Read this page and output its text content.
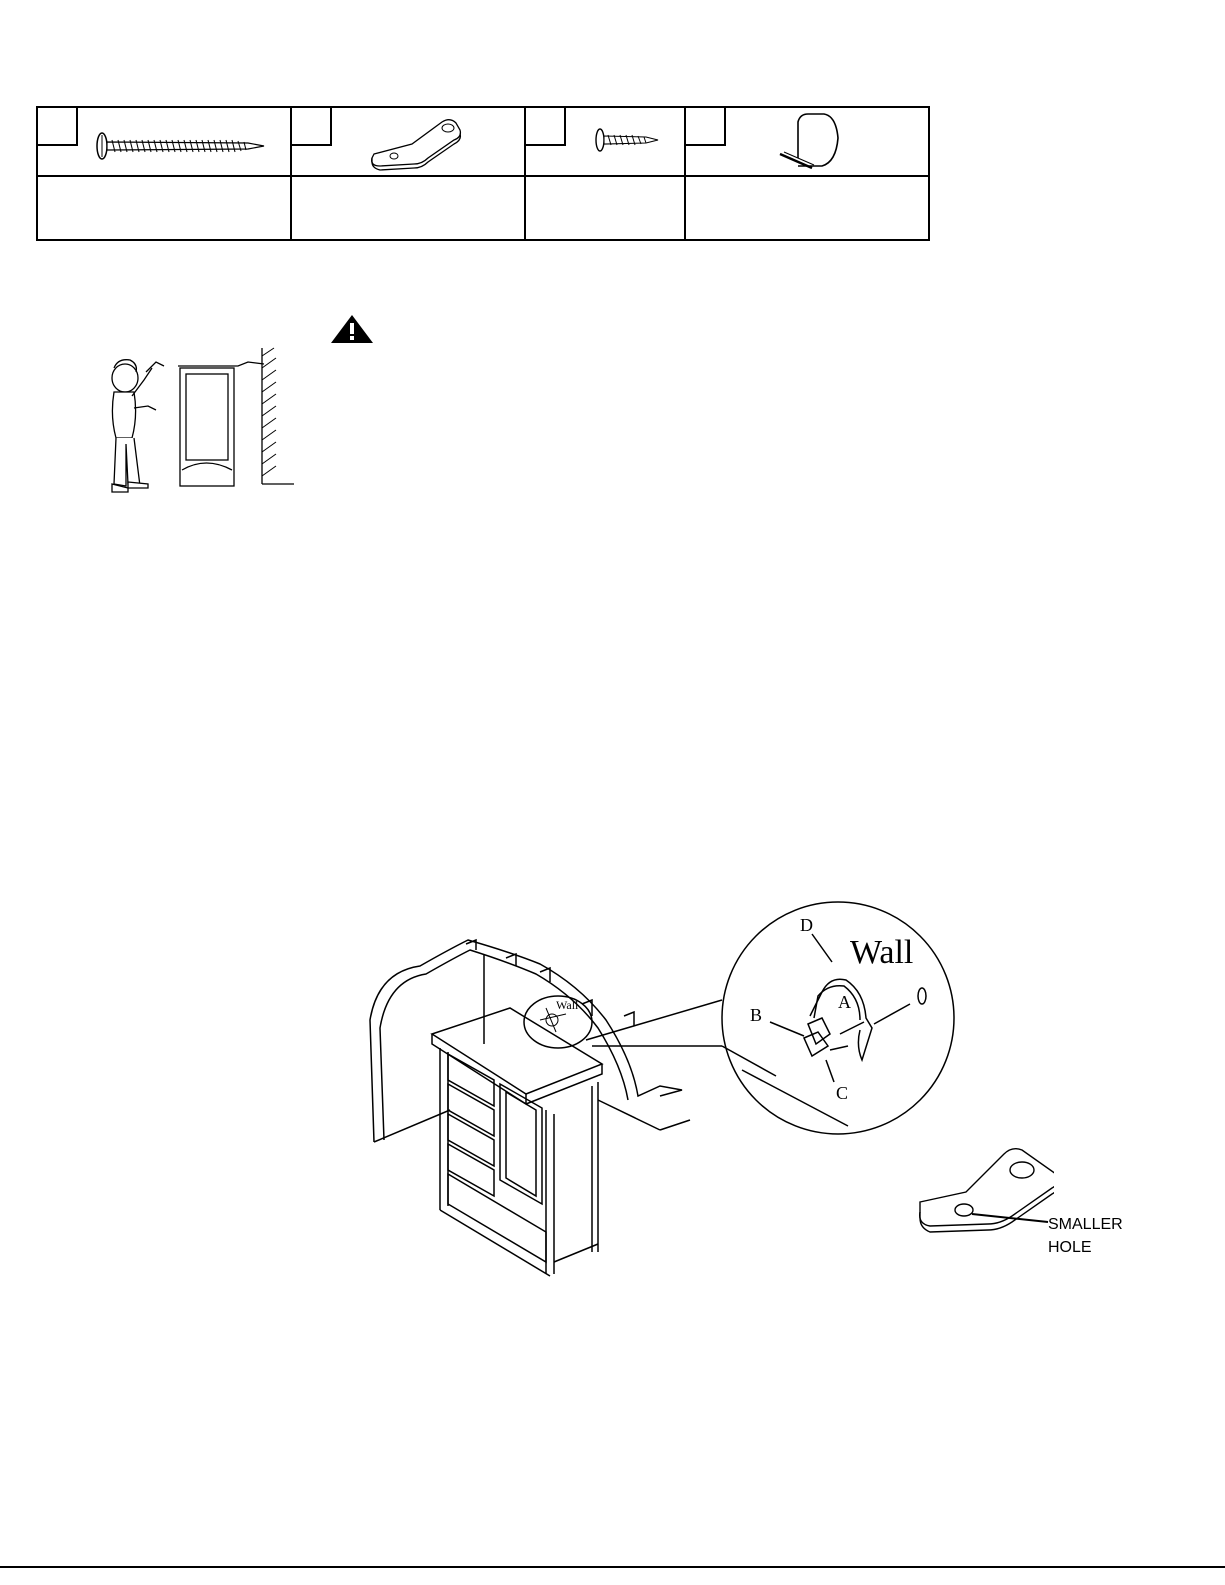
Wall
Wall
D
A
B
C
SMALLER
HOLE
